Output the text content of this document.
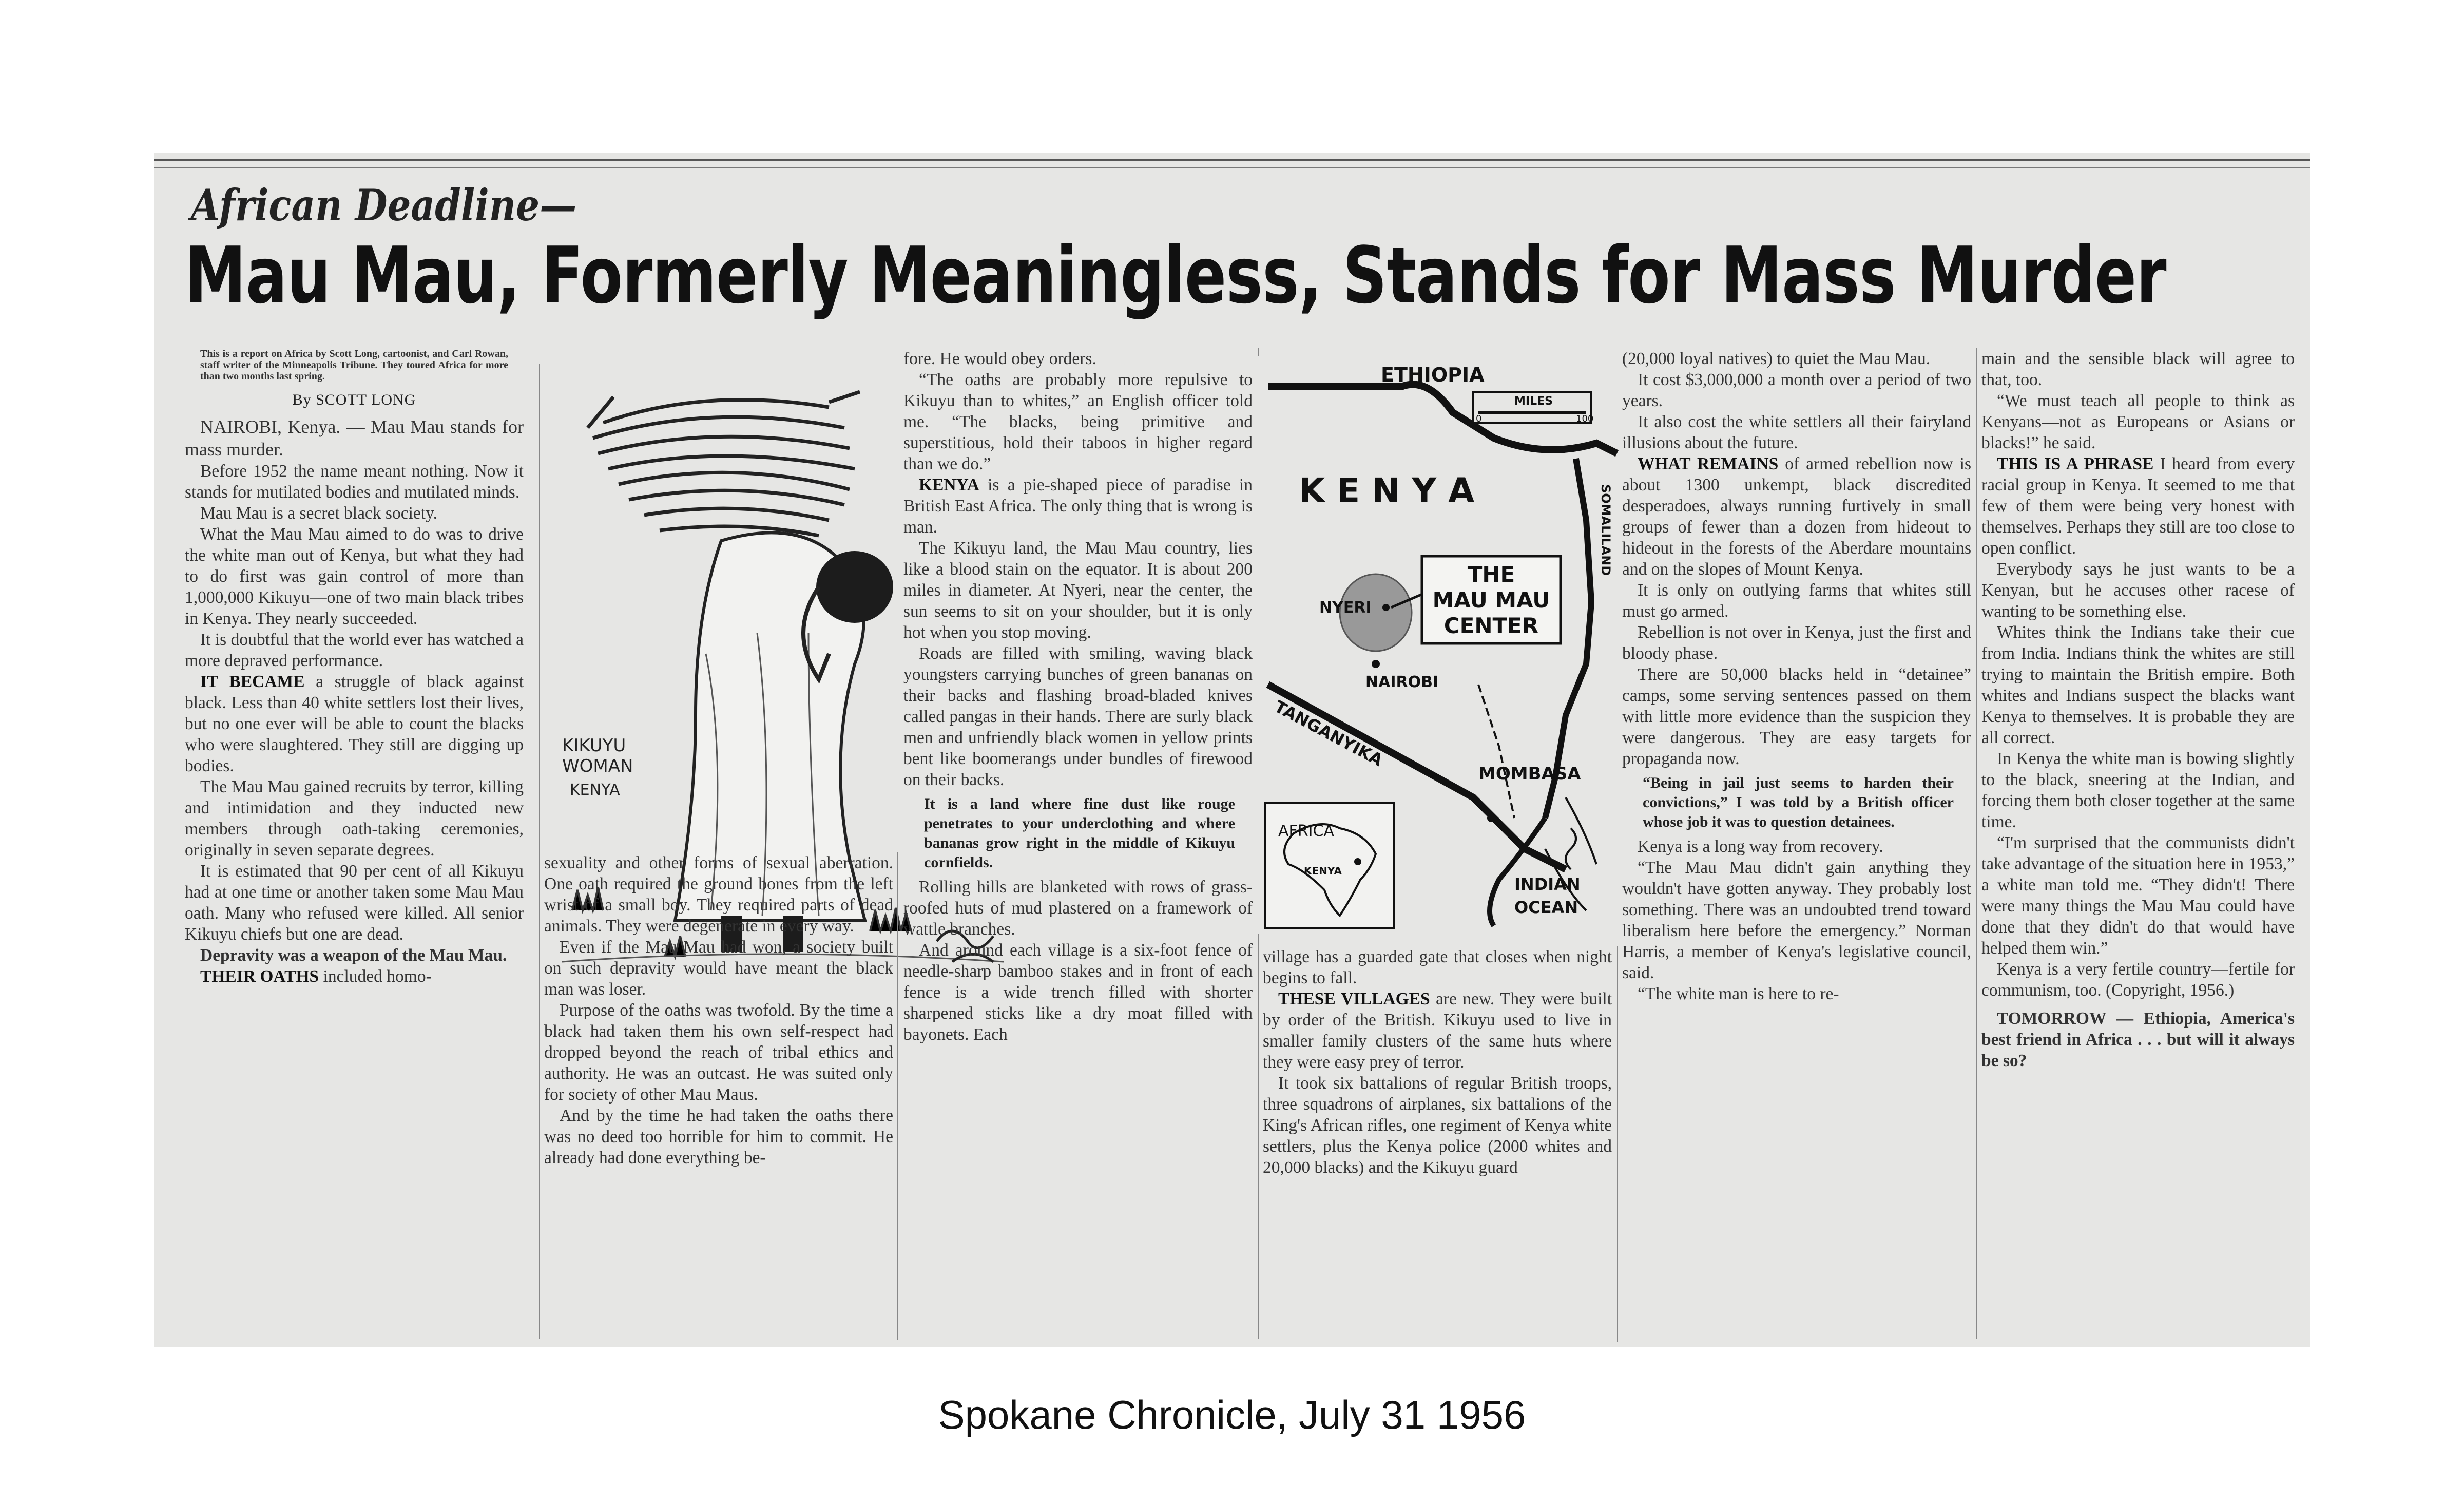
African Deadline—
Mau Mau, Formerly Meaningless, Stands for Mass Murder
This is a report on Africa by Scott Long, cartoonist, and Carl Rowan, staff writer of the Minneapolis Tribune. They toured Africa for more than two months last spring.
By SCOTT LONG

NAIROBI, Kenya. — Mau Mau stands for mass murder.

Before 1952 the name meant nothing. Now it stands for mutilated bodies and mutilated minds.

Mau Mau is a secret black society.

What the Mau Mau aimed to do was to drive the white man out of Kenya, but what they had to do first was gain control of more than 1,000,000 Kikuyu—one of two main black tribes in Kenya. They nearly succeeded.

It is doubtful that the world ever has watched a more depraved performance.

IT BECAME a struggle of black against black. Less than 40 white settlers lost their lives, but no one ever will be able to count the blacks who were slaughtered. They still are digging up bodies.

The Mau Mau gained recruits by terror, killing and intimidation and they inducted new members through oath-taking ceremonies, originally in seven separate degrees.

It is estimated that 90 per cent of all Kikuyu had at one time or another taken some Mau Mau oath. Many who refused were killed. All senior Kikuyu chiefs but one are dead.

Depravity was a weapon of the Mau Mau.

THEIR OATHS included homo-

KIKUYU
WOMAN
KENYA

sexuality and other forms of sexual aberration. One oath required the ground bones from the left wrist of a small boy. They required parts of dead animals. They were degenerate in every way.

Even if the Mau Mau had won, a society built on such depravity would have meant the black man was loser.

Purpose of the oaths was twofold. By the time a black had taken them his own self-respect had dropped beyond the reach of tribal ethics and authority. He was an outcast. He was suited only for society of other Mau Maus.

And by the time he had taken the oaths there was no deed too horrible for him to commit. He already had done everything be-

fore. He would obey orders.

“The oaths are probably more repulsive to Kikuyu than to whites,” an English officer told me. “The blacks, being primitive and superstitious, hold their taboos in higher regard than we do.”

KENYA is a pie-shaped piece of paradise in British East Africa. The only thing that is wrong is man.

The Kikuyu land, the Mau Mau country, lies like a blood stain on the equator. It is about 200 miles in diameter. At Nyeri, near the center, the sun seems to sit on your shoulder, but it is only hot when you stop moving.

Roads are filled with smiling, waving black youngsters carrying bunches of green bananas on their backs and flashing broad-bladed knives called pangas in their hands. There are surly black men and unfriendly black women in yellow prints bent like boomerangs under bundles of firewood on their backs.

It is a land where fine dust like rouge penetrates to your underclothing and where bananas grow right in the middle of Kikuyu cornfields.

Rolling hills are blanketed with rows of grass-roofed huts of mud plastered on a framework of wattle branches.

And around each village is a six-foot fence of needle-sharp bamboo stakes and in front of each fence is a wide trench filled with shorter sharpened sticks like a dry moat filled with bayonets. Each

MILES
0	100
ETHIOPIA
K E N Y A	SOMALILAND
THE
MAU MAU
CENTER
NYERI
NAIROBI
TANGANYIKA
MOMBASA
INDIAN
OCEAN
AFRICA
KENYA

village has a guarded gate that closes when night begins to fall.

THESE VILLAGES are new. They were built by order of the British. Kikuyu used to live in smaller family clusters of the same huts where they were easy prey of terror.

It took six battalions of regular British troops, three squadrons of airplanes, six battalions of the King's African rifles, one regiment of Kenya white settlers, plus the Kenya police (2000 whites and 20,000 blacks) and the Kikuyu guard

(20,000 loyal natives) to quiet the Mau Mau.

It cost $3,000,000 a month over a period of two years.

It also cost the white settlers all their fairyland illusions about the future.

WHAT REMAINS of armed rebellion now is about 1300 unkempt, black discredited desperadoes, always running furtively in small groups of fewer than a dozen from hideout to hideout in the forests of the Aberdare mountains and on the slopes of Mount Kenya.

It is only on outlying farms that whites still must go armed.

Rebellion is not over in Kenya, just the first and bloody phase.

There are 50,000 blacks held in “detainee” camps, some serving sentences passed on them with little more evidence than the suspicion they were dangerous. They are easy targets for propaganda now.

“Being in jail just seems to harden their convictions,” I was told by a British officer whose job it was to question detainees.

Kenya is a long way from recovery.

“The Mau Mau didn't gain anything they wouldn't have gotten anyway. They probably lost something. There was an undoubted trend toward liberalism here before the emergency.” Norman Harris, a member of Kenya's legislative council, said.

“The white man is here to re-

main and the sensible black will agree to that, too.

“We must teach all people to think as Kenyans—not as Europeans or Asians or blacks!” he said.

THIS IS A PHRASE I heard from every racial group in Kenya. It seemed to me that few of them were being very honest with themselves. Perhaps they still are too close to open conflict.

Everybody says he just wants to be a Kenyan, but he accuses other racese of wanting to be something else.

Whites think the Indians take their cue from India. Indians think the whites are still trying to maintain the British empire. Both whites and Indians suspect the blacks want Kenya to themselves. It is probable they are all correct.

In Kenya the white man is bowing slightly to the black, sneering at the Indian, and forcing them both closer together at the same time.

“I'm surprised that the communists didn't take advantage of the situation here in 1953,” a white man told me. “They didn't! There were many things the Mau Mau could have done that they didn't do that would have helped them win.”

Kenya is a very fertile country—fertile for communism, too. (Copyright, 1956.)

TOMORROW — Ethiopia, America's best friend in Africa . . . but will it always be so?

Spokane Chronicle, July 31 1956
